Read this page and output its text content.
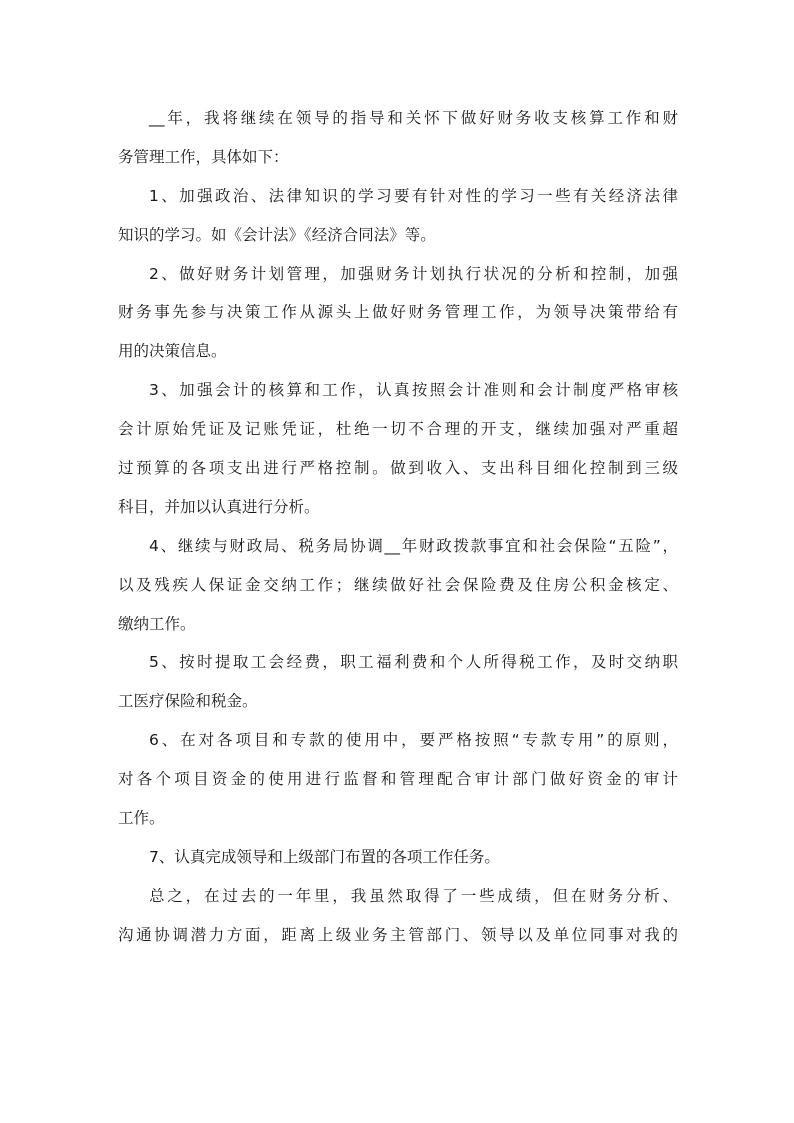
__年，我将继续在领导的指导和关怀下做好财务收支核算工作和财
务管理工作，具体如下：
1、加强政治、法律知识的学习要有针对性的学习一些有关经济法律
知识的学习。如《会计法》《经济合同法》等。
2、做好财务计划管理，加强财务计划执行状况的分析和控制，加强
财务事先参与决策工作从源头上做好财务管理工作，为领导决策带给有
用的决策信息。
3、加强会计的核算和工作，认真按照会计准则和会计制度严格审核
会计原始凭证及记账凭证，杜绝一切不合理的开支，继续加强对严重超
过预算的各项支出进行严格控制。做到收入、支出科目细化控制到三级
科目，并加以认真进行分析。
4、继续与财政局、税务局协调__年财政拨款事宜和社会保险“五险”，
以及残疾人保证金交纳工作；继续做好社会保险费及住房公积金核定、
缴纳工作。
5、按时提取工会经费，职工福利费和个人所得税工作，及时交纳职
工医疗保险和税金。
6、在对各项目和专款的使用中，要严格按照“专款专用”的原则，
对各个项目资金的使用进行监督和管理配合审计部门做好资金的审计
工作。
7、认真完成领导和上级部门布置的各项工作任务。
总之，在过去的一年里，我虽然取得了一些成绩，但在财务分析、
沟通协调潜力方面，距离上级业务主管部门、领导以及单位同事对我的
